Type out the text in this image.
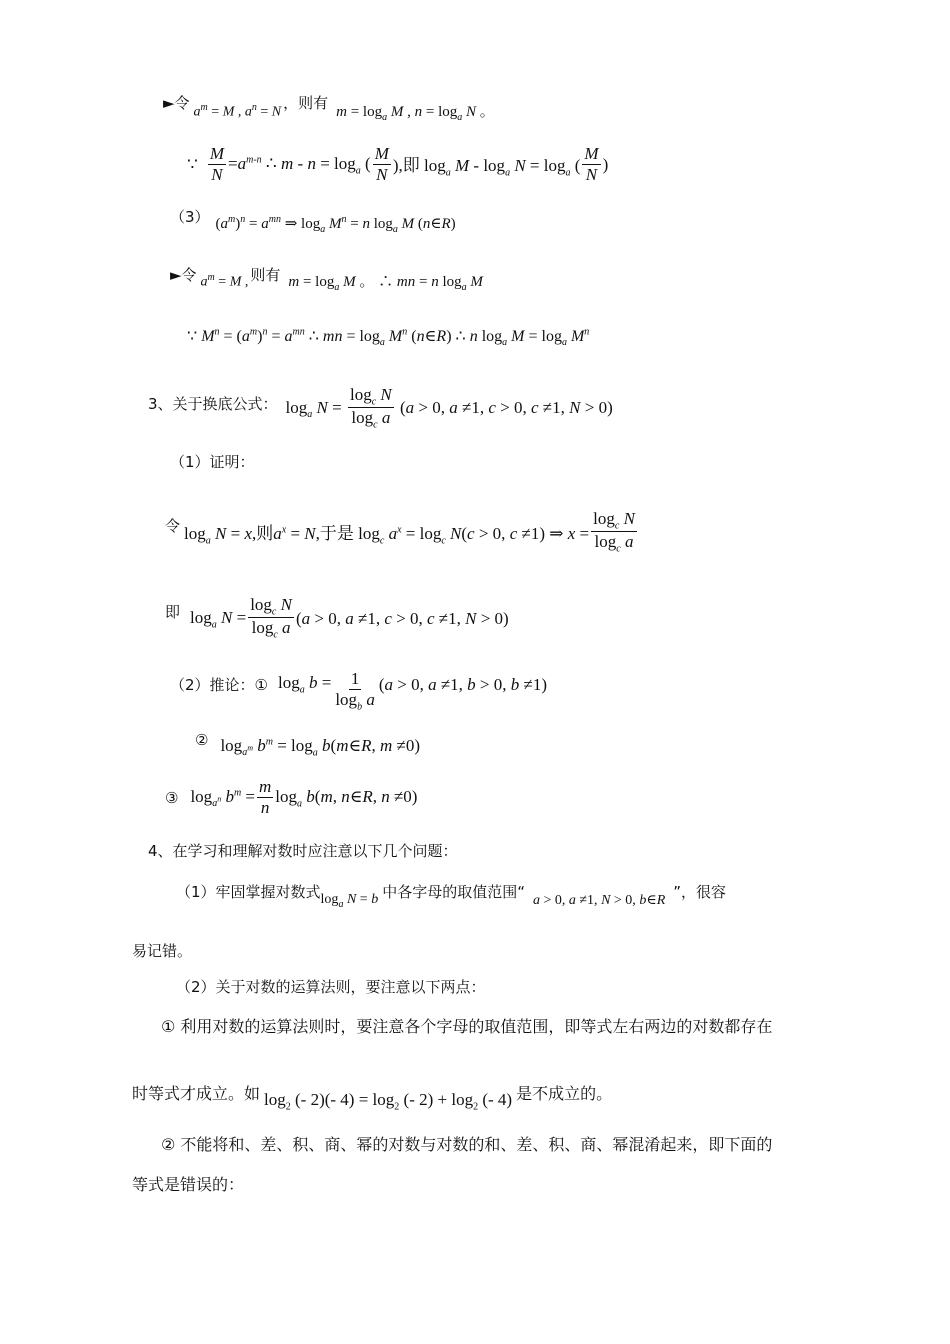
►令
$a^m = M$ , $a^n = N$
，则有 $m = \log_a M$ , $n = \log_a N$ 。
∵ $\frac{M}{N} =a^{m-n}$ ∴ $m - n = \log_a$ ( $\frac{M}{N}$ ),即 $\log_a M - \log_a N = \log_a$ ( $\frac{M}{N}$ )
（3） $(a^m)^n = a^{mn}$ ⇒ $\log_a M^n = n$ $\log_a M$ (n∈R)
►令 $a^m = M$ , 则有 $m = \log_a M$ 。 ∴ mn = n $\log_a M$
∵ $M^n = (a^m)^n = a^{mn}$ ∴ mn = $\log_a M^n$ (n∈R) ∴ n $\log_a M = \log_a M^n$
3、关于换底公式： $\log_a N = \frac{\log_c N}{\log_c a} (a > 0$, a ≠1, c > 0, c ≠1, N > 0)
（1）证明：
令 $\log_a N = x$,则$a^x = N$,于是 $\log_c a^x = \log_c N(c > 0$, c ≠1) ⇒ $x = \frac{\log_c N}{\log_c a}$
即 $\log_a N = \frac{\log_c N}{\log_c a} (a > 0$, a ≠1, c > 0, c ≠1, N > 0)
（2）推论：① $\log_a b = \frac{1}{\log_b a} (a > 0$, a ≠1, b > 0, b ≠1)
② $\log_{a^m} b^m = \log_a$ b(m∈R, m ≠0)
③ $\log_{a^n} b^m = \frac{m}{n} \log_a b(m$, n∈R, n ≠0)
4、在学习和理解对数时应注意以下几个问题：
（1）牢固掌握对数式 $\log_a N = b$ 中各字母的取值范围“ a > 0, a ≠1, N > 0, b∈R ”，很容
易记错。
（2）关于对数的运算法则，要注意以下两点：
① 利用对数的运算法则时，要注意各个字母的取值范围，即等式左右两边的对数都存在
时等式才成立。如 $\log_2$ (- 2)(- $4) = \log_2$ (- $2) + \log_2$ (- 4) 是不成立的。
② 不能将和、差、积、商、幂的对数与对数的和、差、积、商、幂混淆起来，即下面的
等式是错误的：
